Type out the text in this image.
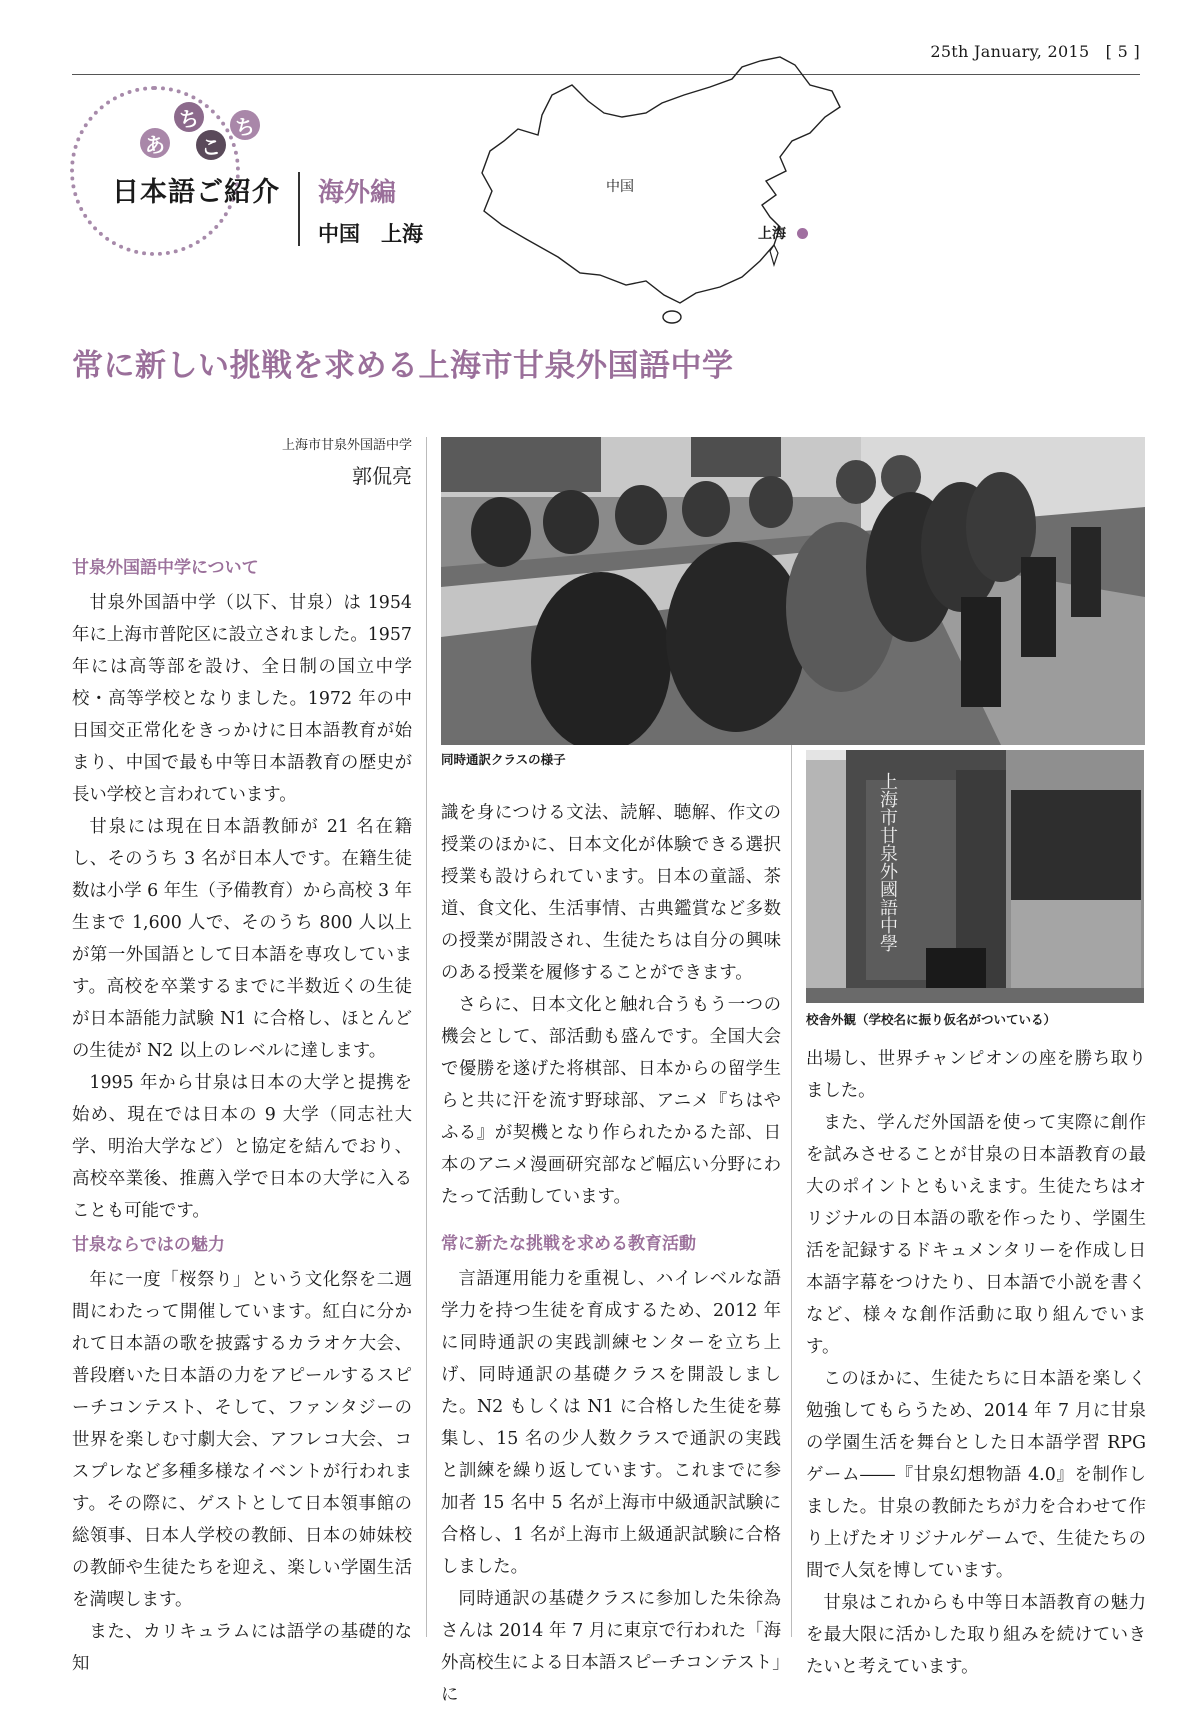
25th January, 2015 [ 5 ]
あ
ち
こ
ち
日本語ご紹介 海外編
中国　上海
中国
上海
常に新しい挑戦を求める上海市甘泉外国語中学
上海市甘泉外国語中学
郭侃亮
甘泉外国語中学について

甘泉外国語中学（以下、甘泉）は 1954 年に上海市普陀区に設立されました。1957 年には高等部を設け、全日制の国立中学校・高等学校となりました。1972 年の中日国交正常化をきっかけに日本語教育が始まり、中国で最も中等日本語教育の歴史が長い学校と言われています。

甘泉には現在日本語教師が 21 名在籍し、そのうち 3 名が日本人です。在籍生徒数は小学 6 年生（予備教育）から高校 3 年生まで 1,600 人で、そのうち 800 人以上が第一外国語として日本語を専攻しています。高校を卒業するまでに半数近くの生徒が日本語能力試験 N1 に合格し、ほとんどの生徒が N2 以上のレベルに達します。

1995 年から甘泉は日本の大学と提携を始め、現在では日本の 9 大学（同志社大学、明治大学など）と協定を結んでおり、高校卒業後、推薦入学で日本の大学に入ることも可能です。

甘泉ならではの魅力

年に一度「桜祭り」という文化祭を二週間にわたって開催しています。紅白に分かれて日本語の歌を披露するカラオケ大会、普段磨いた日本語の力をアピールするスピーチコンテスト、そして、ファンタジーの世界を楽しむ寸劇大会、アフレコ大会、コスプレなど多種多様なイベントが行われます。その際に、ゲストとして日本領事館の総領事、日本人学校の教師、日本の姉妹校の教師や生徒たちを迎え、楽しい学園生活を満喫します。

また、カリキュラムには語学の基礎的な知

同時通訳クラスの様子
上海市甘泉外國語中學
校舎外観（学校名に振り仮名がついている）

識を身につける文法、読解、聴解、作文の授業のほかに、日本文化が体験できる選択授業も設けられています。日本の童謡、茶道、食文化、生活事情、古典鑑賞など多数の授業が開設され、生徒たちは自分の興味のある授業を履修することができます。

さらに、日本文化と触れ合うもう一つの機会として、部活動も盛んです。全国大会で優勝を遂げた将棋部、日本からの留学生らと共に汗を流す野球部、アニメ『ちはやふる』が契機となり作られたかるた部、日本のアニメ漫画研究部など幅広い分野にわたって活動しています。

常に新たな挑戦を求める教育活動

言語運用能力を重視し、ハイレベルな語学力を持つ生徒を育成するため、2012 年に同時通訳の実践訓練センターを立ち上げ、同時通訳の基礎クラスを開設しました。N2 もしくは N1 に合格した生徒を募集し、15 名の少人数クラスで通訳の実践と訓練を繰り返しています。これまでに参加者 15 名中 5 名が上海市中級通訳試験に合格し、1 名が上海市上級通訳試験に合格しました。

同時通訳の基礎クラスに参加した朱徐為さんは 2014 年 7 月に東京で行われた「海外高校生による日本語スピーチコンテスト」に

出場し、世界チャンピオンの座を勝ち取りました。

また、学んだ外国語を使って実際に創作を試みさせることが甘泉の日本語教育の最大のポイントともいえます。生徒たちはオリジナルの日本語の歌を作ったり、学園生活を記録するドキュメンタリーを作成し日本語字幕をつけたり、日本語で小説を書くなど、様々な創作活動に取り組んでいます。

このほかに、生徒たちに日本語を楽しく勉強してもらうため、2014 年 7 月に甘泉の学園生活を舞台とした日本語学習 RPG ゲーム――『甘泉幻想物語 4.0』を制作しました。甘泉の教師たちが力を合わせて作り上げたオリジナルゲームで、生徒たちの間で人気を博しています。

甘泉はこれからも中等日本語教育の魅力を最大限に活かした取り組みを続けていきたいと考えています。
